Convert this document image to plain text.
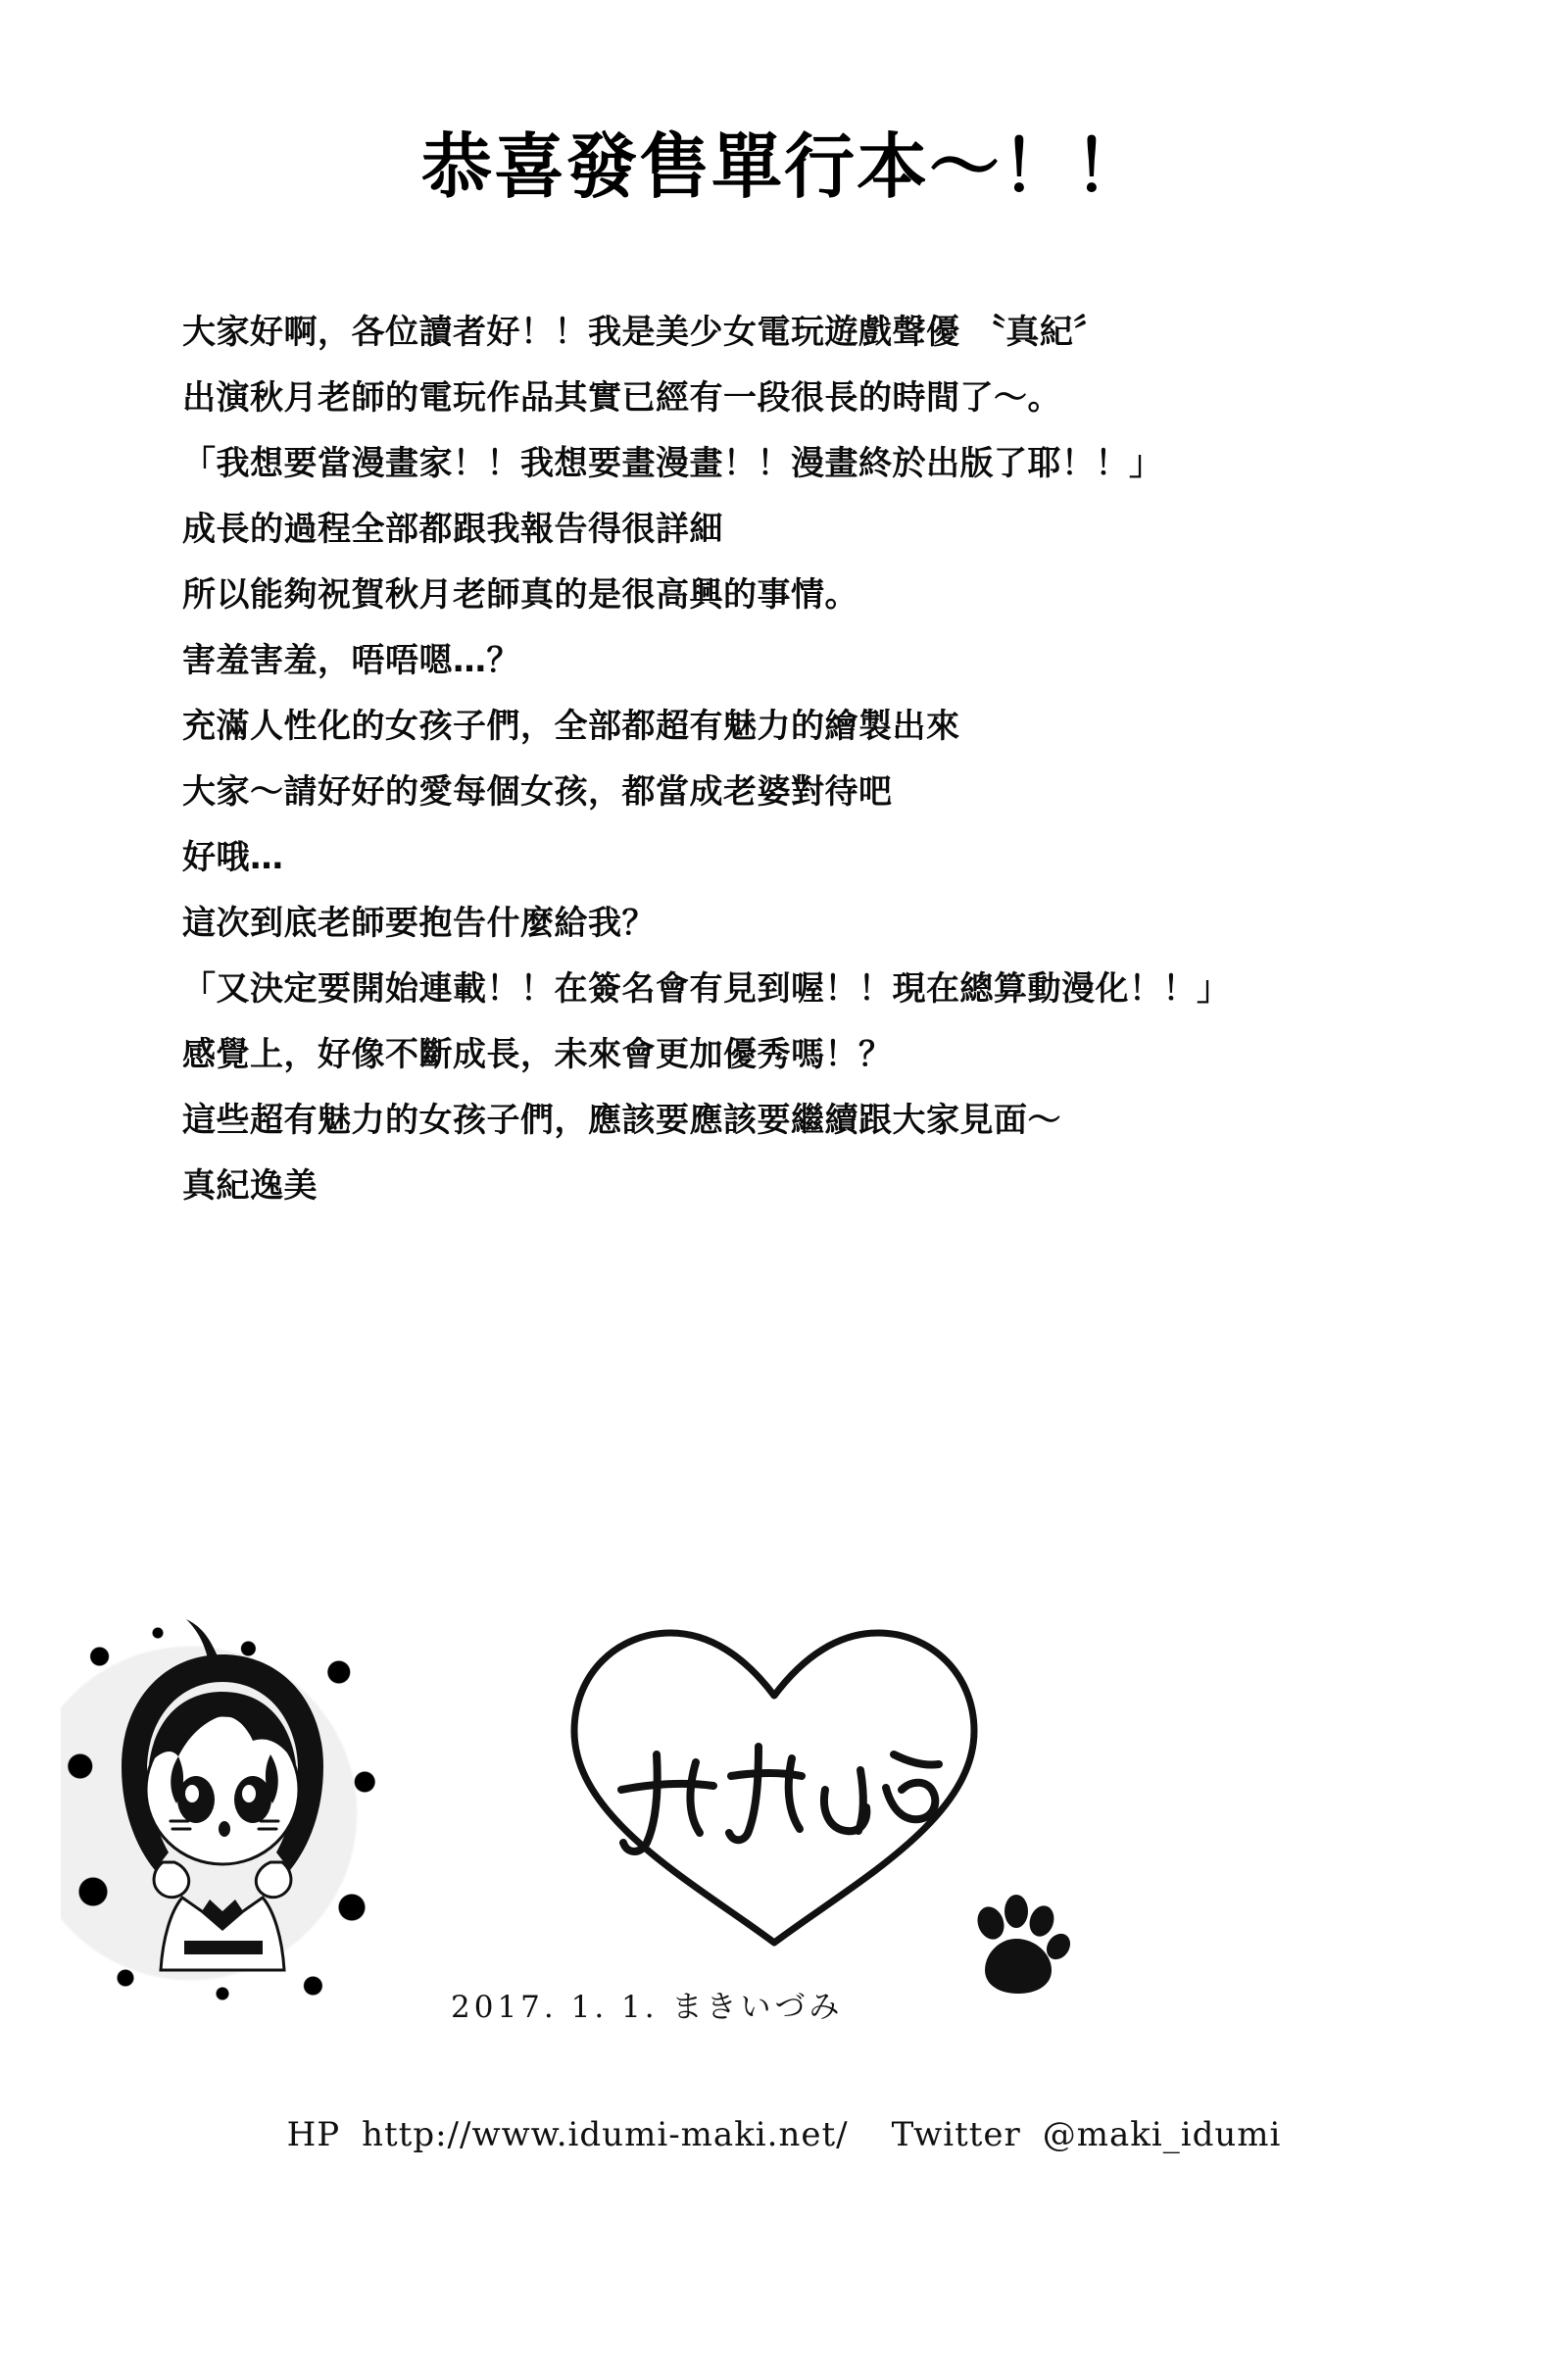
恭喜發售單行本～！！

大家好啊，各位讀者好！！我是美少女電玩遊戲聲優 〝真紀〞

出演秋月老師的電玩作品其實已經有一段很長的時間了～。

「我想要當漫畫家！！我想要畫漫畫！！漫畫終於出版了耶！！」

成長的過程全部都跟我報告得很詳細

所以能夠祝賀秋月老師真的是很高興的事情。

害羞害羞，唔唔嗯…？

充滿人性化的女孩子們，全部都超有魅力的繪製出來

大家～請好好的愛每個女孩，都當成老婆對待吧

好哦…

這次到底老師要抱告什麼給我？

「又決定要開始連載！！在簽名會有見到喔！！現在總算動漫化！！」

感覺上，好像不斷成長，未來會更加優秀嗎！？

這些超有魅力的女孩子們，應該要應該要繼續跟大家見面～

真紀逸美

2017. 1. 1. まきいづみ
HP http://www.idumi-maki.net/ Twitter @maki_idumi
